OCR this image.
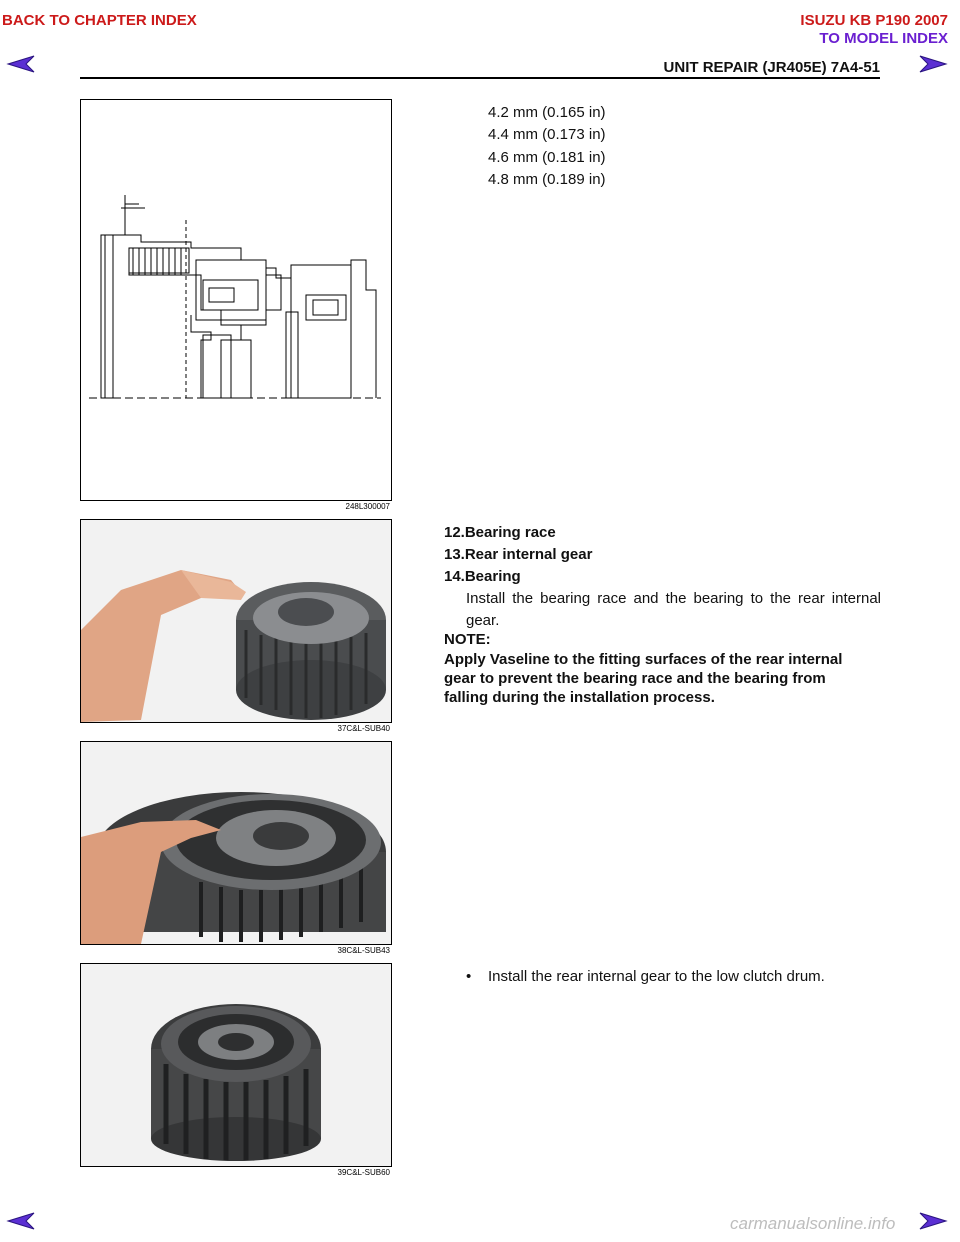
BACK TO CHAPTER INDEX	ISUZU KB P190 2007
TO MODEL INDEX
UNIT REPAIR (JR405E) 7A4-51
248L300007
4.2 mm (0.165 in)
4.4 mm (0.173 in)
4.6 mm (0.181 in)
4.8 mm (0.189 in)
37C&L-SUB40
12.Bearing race
13.Rear internal gear
14.Bearing
Install the bearing race and the bearing to the rear internal gear.
NOTE:
Apply Vaseline to the fitting surfaces of the rear internal
gear to prevent the bearing race and the bearing from
falling during the installation process.
38C&L-SUB43
39C&L-SUB60
• Install the rear internal gear to the low clutch drum.
carmanualsonline.info
